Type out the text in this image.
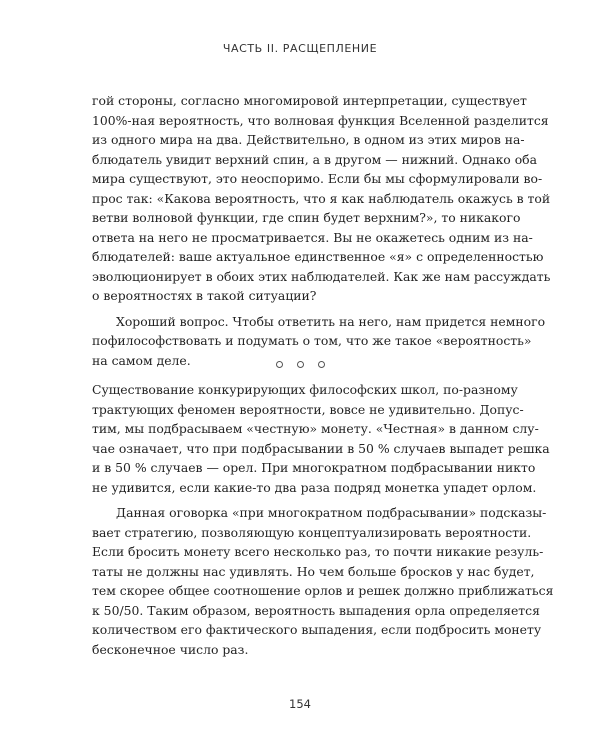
ЧАСТЬ II. РАСЩЕПЛЕНИЕ
гой стороны, согласно многомировой интерпретации, существует
100%-ная вероятность, что волновая функция Вселенной разделится
из одного мира на два. Действительно, в одном из этих миров на-
блюдатель увидит верхний спин, а в другом — нижний. Однако оба
мира существуют, это неоспоримо. Если бы мы сформулировали во-
прос так: «Какова вероятность, что я как наблюдатель окажусь в той
ветви волновой функции, где спин будет верхним?», то никакого
ответа на него не просматривается. Вы не окажетесь одним из на-
блюдателей: ваше актуальное единственное «я» с определенностью
эволюционирует в обоих этих наблюдателей. Как же нам рассуждать
о вероятностях в такой ситуации?
Хороший вопрос. Чтобы ответить на него, нам придется немного
пофилософствовать и подумать о том, что же такое «вероятность»
на самом деле.
Существование конкурирующих философских школ, по-разному
трактующих феномен вероятности, вовсе не удивительно. Допус-
тим, мы подбрасываем «честную» монету. «Честная» в данном слу-
чае означает, что при подбрасывании в 50 % случаев выпадет решка
и в 50 % случаев — орел. При многократном подбрасывании никто
не удивится, если какие-то два раза подряд монетка упадет орлом.
Данная оговорка «при многократном подбрасывании» подсказы-
вает стратегию, позволяющую концептуализировать вероятности.
Если бросить монету всего несколько раз, то почти никакие резуль-
таты не должны нас удивлять. Но чем больше бросков у нас будет,
тем скорее общее соотношение орлов и решек должно приближаться
к 50/50. Таким образом, вероятность выпадения орла определяется
количеством его фактического выпадения, если подбросить монету
бесконечное число раз.
154
